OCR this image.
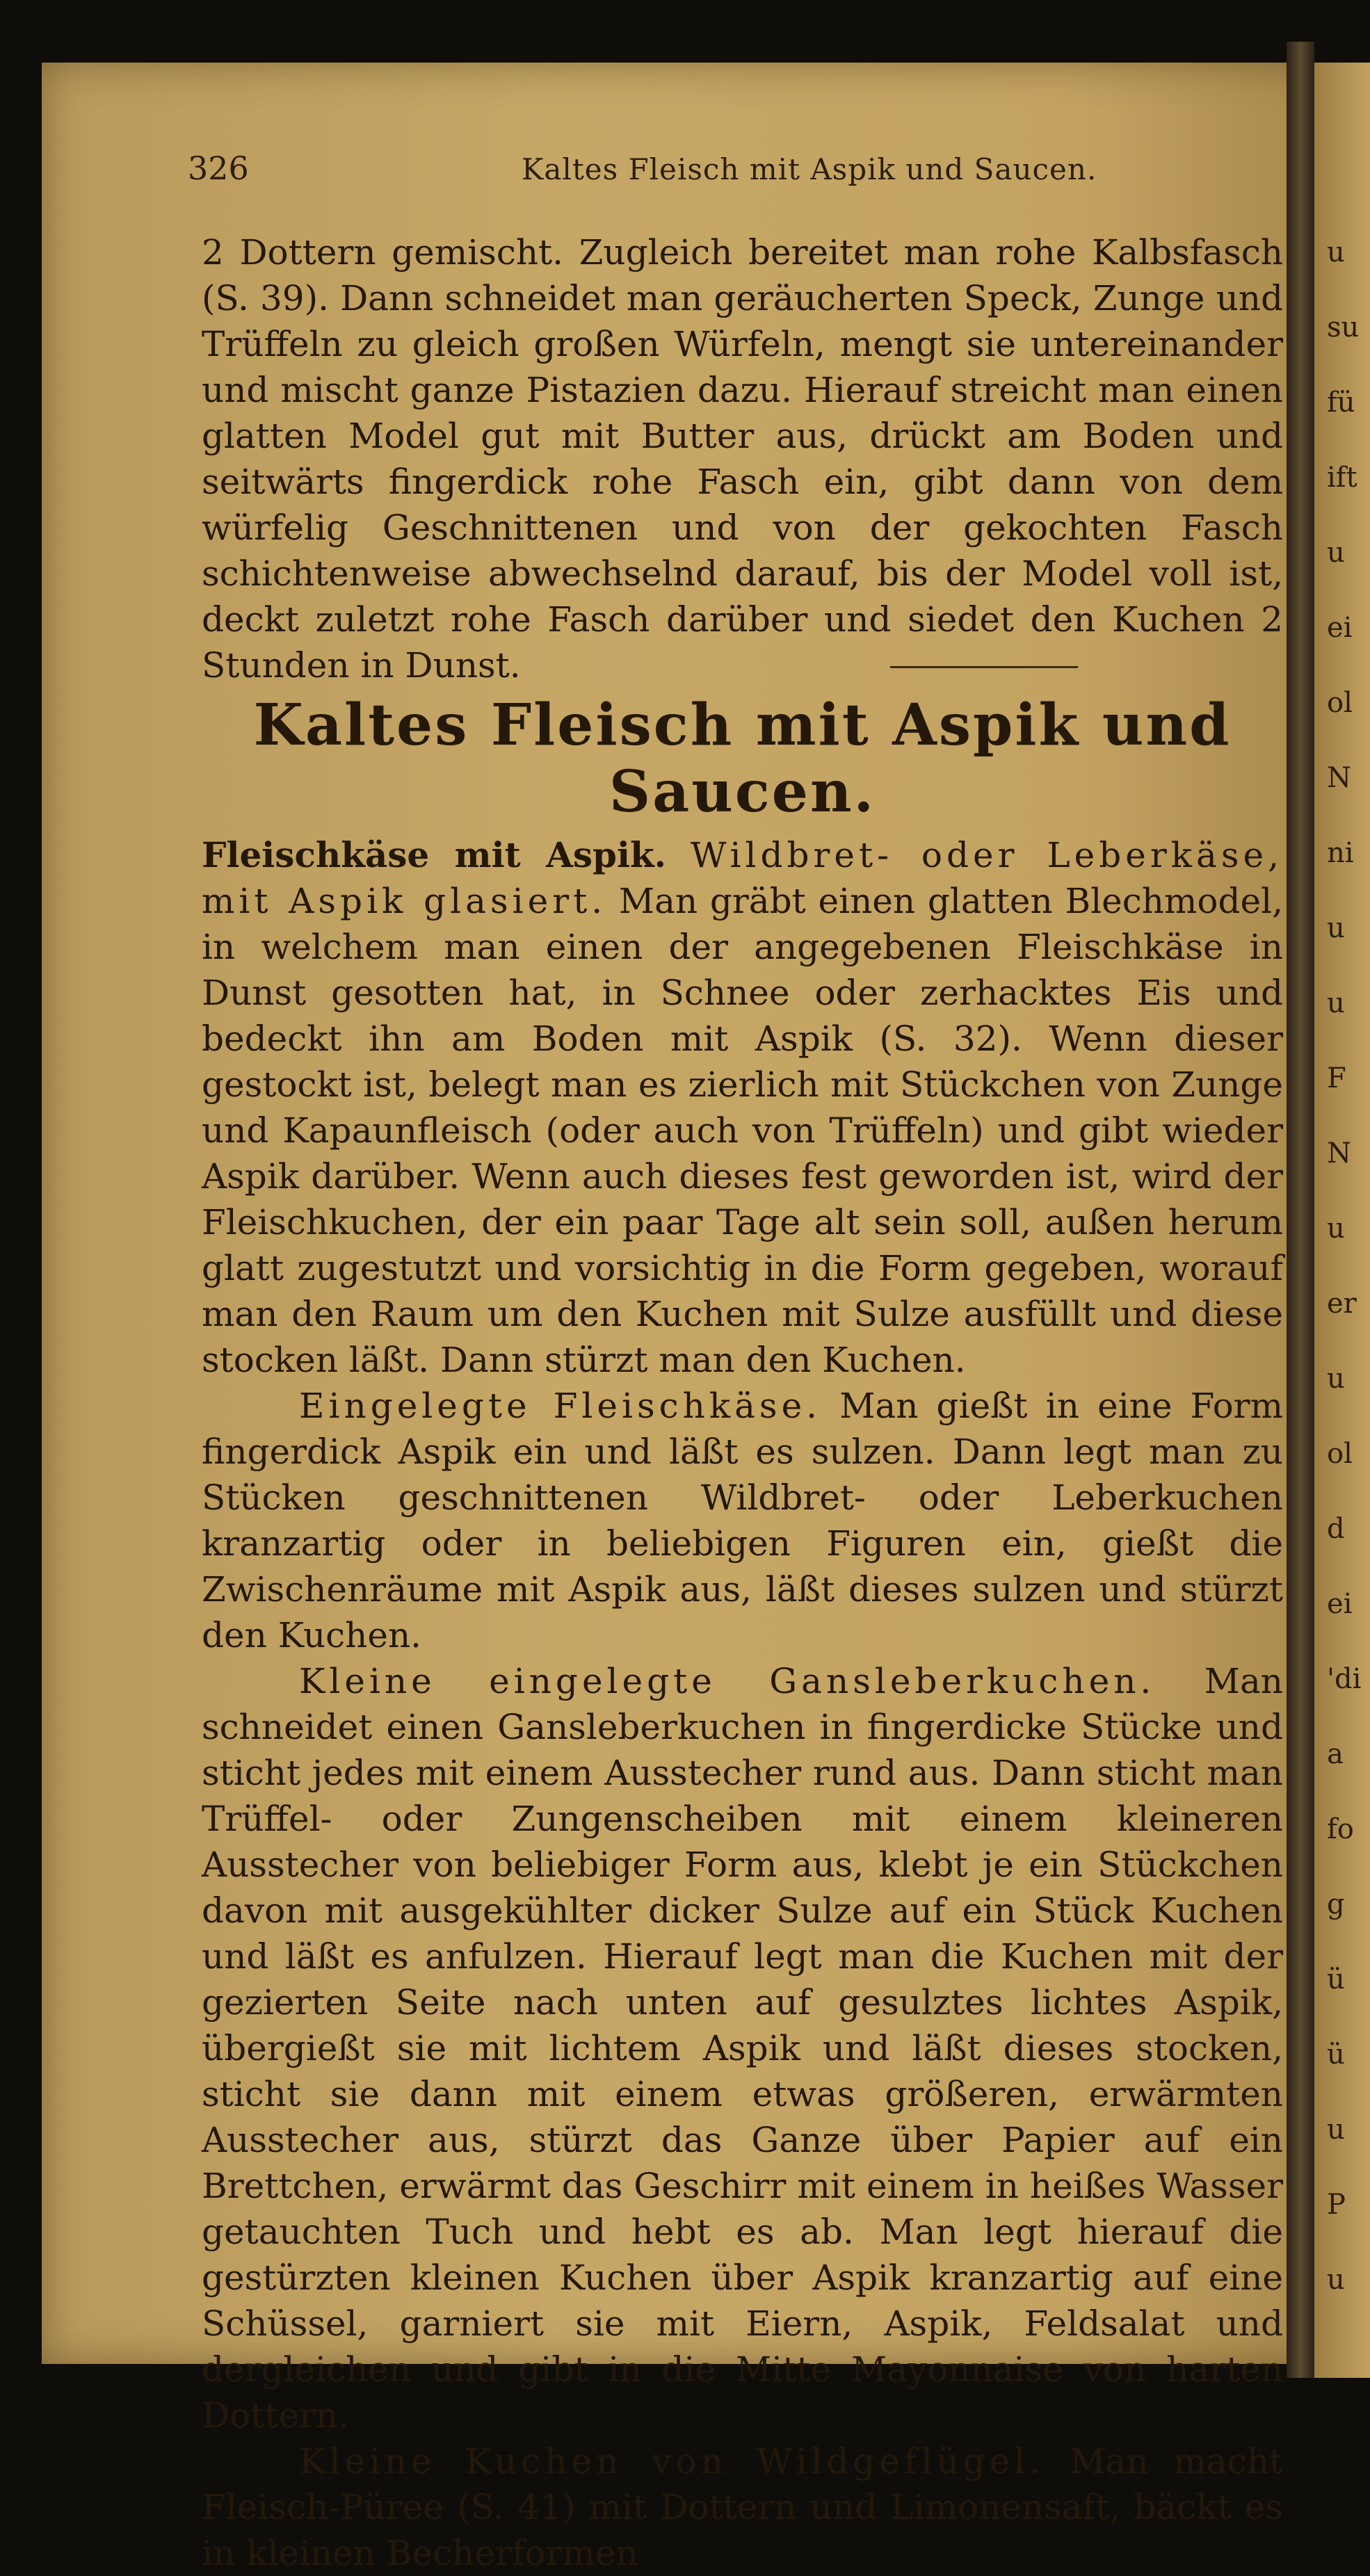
u
su
fü
ift
u
ei
ol
N
ni
u
u
F
N
u
er
u
ol
d
ei
'di
a
fo
g
ü
ü
u
P
u
326	Kaltes Fleisch mit Aspik und Saucen.

2 Dottern gemischt. Zugleich bereitet man rohe Kalbsfasch (S. 39). Dann schneidet man geräucherten Speck, Zunge und Trüffeln zu gleich großen Würfeln, mengt sie untereinander und mischt ganze Pistazien dazu. Hierauf streicht man einen glatten Model gut mit Butter aus, drückt am Boden und seitwärts fingerdick rohe Fasch ein, gibt dann von dem würfelig Geschnittenen und von der gekochten Fasch schichtenweise abwechselnd darauf, bis der Model voll ist, deckt zuletzt rohe Fasch darüber und siedet den Kuchen 2 Stunden in Dunst.

Kaltes Fleisch mit Aspik und Saucen.

Fleischkäse mit Aspik. Wildbret- oder Leberkäse, mit Aspik glasiert. Man gräbt einen glatten Blechmodel, in welchem man einen der angegebenen Fleischkäse in Dunst gesotten hat, in Schnee oder zerhacktes Eis und bedeckt ihn am Boden mit Aspik (S. 32). Wenn dieser gestockt ist, belegt man es zierlich mit Stückchen von Zunge und Kapaunfleisch (oder auch von Trüffeln) und gibt wieder Aspik darüber. Wenn auch dieses fest geworden ist, wird der Fleischkuchen, der ein paar Tage alt sein soll, außen herum glatt zugestutzt und vorsichtig in die Form gegeben, worauf man den Raum um den Kuchen mit Sulze ausfüllt und diese stocken läßt. Dann stürzt man den Kuchen.

Eingelegte Fleischkäse. Man gießt in eine Form fingerdick Aspik ein und läßt es sulzen. Dann legt man zu Stücken geschnittenen Wildbret- oder Leberkuchen kranzartig oder in beliebigen Figuren ein, gießt die Zwischenräume mit Aspik aus, läßt dieses sulzen und stürzt den Kuchen.

Kleine eingelegte Gansleberkuchen. Man schneidet einen Gansleberkuchen in fingerdicke Stücke und sticht jedes mit einem Ausstecher rund aus. Dann sticht man Trüffel- oder Zungenscheiben mit einem kleineren Ausstecher von beliebiger Form aus, klebt je ein Stückchen davon mit ausgekühlter dicker Sulze auf ein Stück Kuchen und läßt es anfulzen. Hierauf legt man die Kuchen mit der gezierten Seite nach unten auf gesulztes lichtes Aspik, übergießt sie mit lichtem Aspik und läßt dieses stocken, sticht sie dann mit einem etwas größeren, erwärmten Ausstecher aus, stürzt das Ganze über Papier auf ein Brettchen, erwärmt das Geschirr mit einem in heißes Wasser getauchten Tuch und hebt es ab. Man legt hierauf die gestürzten kleinen Kuchen über Aspik kranzartig auf eine Schüssel, garniert sie mit Eiern, Aspik, Feldsalat und dergleichen und gibt in die Mitte Mayonnaise von harten Dottern.

Kleine Kuchen von Wildgeflügel. Man macht Fleisch-Püree (S. 41) mit Dottern und Limonensaft, bäckt es in kleinen Becherformen
